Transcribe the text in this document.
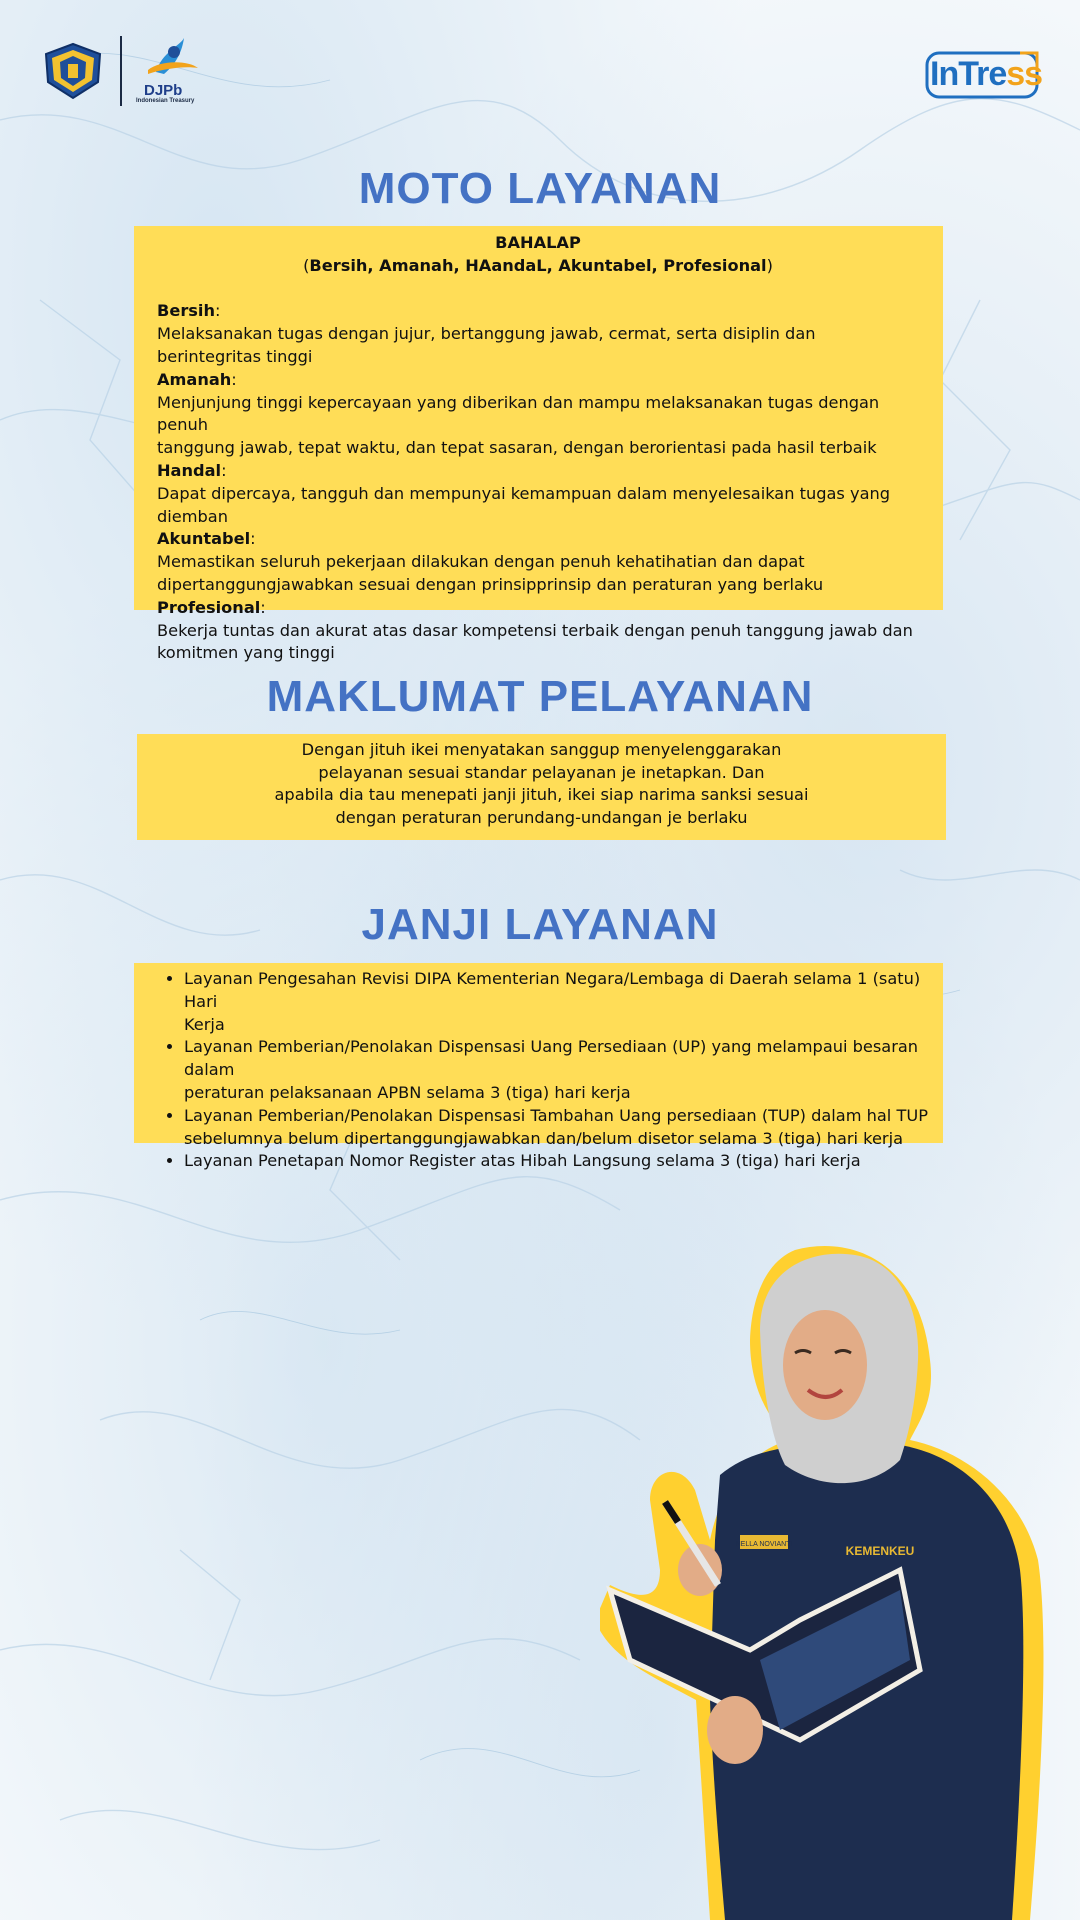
DJPb
Indonesian Treasury
InTress
MOTO LAYANAN
BAHALAP
(Bersih, Amanah, HAandaL, Akuntabel, Profesional)
Bersih:
Melaksanakan tugas dengan jujur, bertanggung jawab, cermat, serta disiplin dan berintegritas tinggi
Amanah:
Menjunjung tinggi kepercayaan yang diberikan dan mampu melaksanakan tugas dengan penuh
tanggung jawab, tepat waktu, dan tepat sasaran, dengan berorientasi pada hasil terbaik
Handal:
Dapat dipercaya, tangguh dan mempunyai kemampuan dalam menyelesaikan tugas yang diemban
Akuntabel:
Memastikan seluruh pekerjaan dilakukan dengan penuh kehatihatian dan dapat
dipertanggungjawabkan sesuai dengan prinsipprinsip dan peraturan yang berlaku
Profesional:
Bekerja tuntas dan akurat atas dasar kompetensi terbaik dengan penuh tanggung jawab dan
komitmen yang tinggi
MAKLUMAT PELAYANAN
Dengan jituh ikei menyatakan sanggup menyelenggarakan
pelayanan sesuai standar pelayanan je inetapkan. Dan
apabila dia tau menepati janji jituh, ikei siap narima sanksi sesuai
dengan peraturan perundang-undangan je berlaku
JANJI LAYANAN
• Layanan Pengesahan Revisi DIPA Kementerian Negara/Lembaga di Daerah selama 1 (satu) Hari
Kerja
• Layanan Pemberian/Penolakan Dispensasi Uang Persediaan (UP) yang melampaui besaran dalam
peraturan pelaksanaan APBN selama 3 (tiga) hari kerja
• Layanan Pemberian/Penolakan Dispensasi Tambahan Uang persediaan (TUP) dalam hal TUP
sebelumnya belum dipertanggungjawabkan dan/belum disetor selama 3 (tiga) hari kerja
• Layanan Penetapan Nomor Register atas Hibah Langsung selama 3 (tiga) hari kerja
NELLA NOVIANTI	KEMENKEU
